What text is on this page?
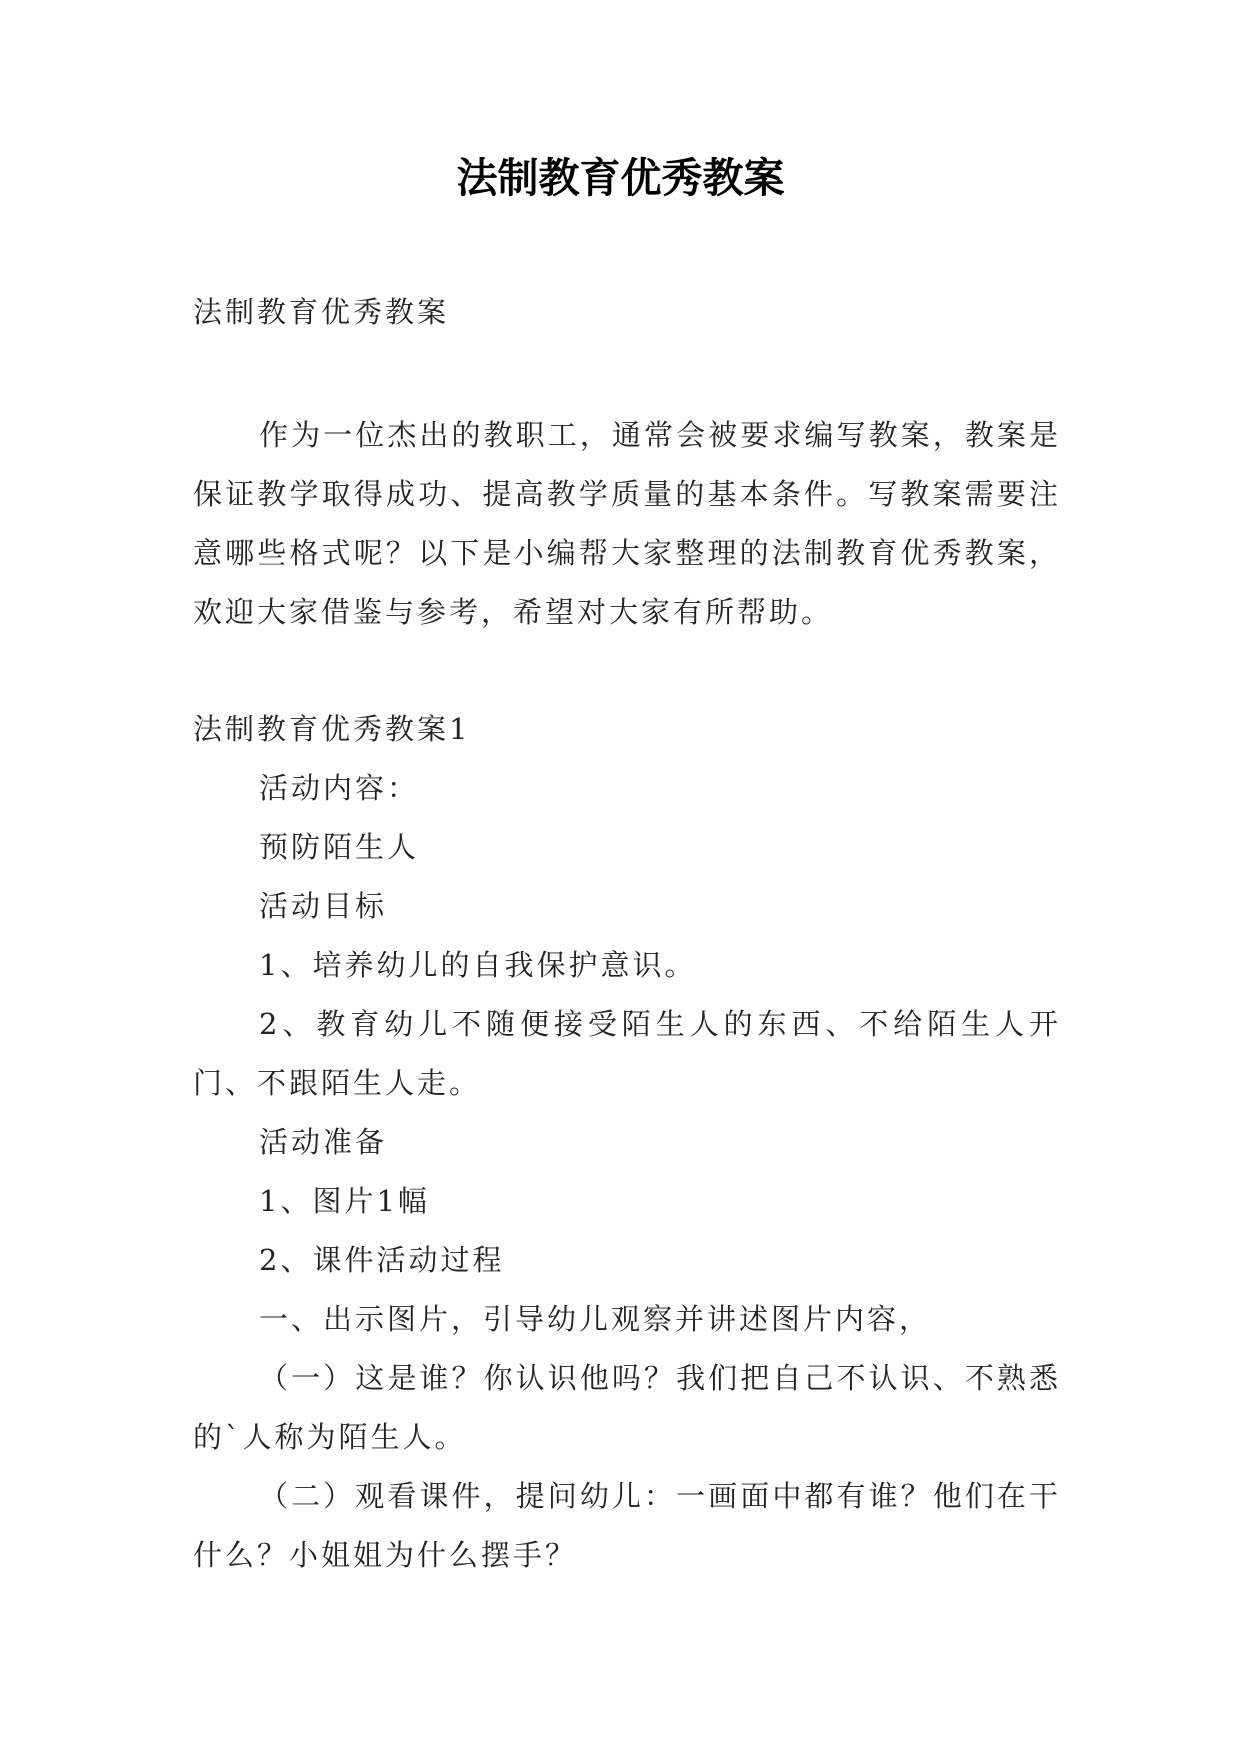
法制教育优秀教案
法制教育优秀教案
作为一位杰出的教职工，通常会被要求编写教案，教案是保证教学取得成功、提高教学质量的基本条件。写教案需要注意哪些格式呢？以下是小编帮大家整理的法制教育优秀教案，欢迎大家借鉴与参考，希望对大家有所帮助。

法制教育优秀教案1

活动内容：

预防陌生人

活动目标

1、培养幼儿的自我保护意识。

2、教育幼儿不随便接受陌生人的东西、不给陌生人开门、不跟陌生人走。

活动准备

1、图片1幅

2、课件活动过程

一、出示图片，引导幼儿观察并讲述图片内容，

（一）这是谁？你认识他吗？我们把自己不认识、不熟悉的`人称为陌生人。

（二）观看课件，提问幼儿：一画面中都有谁？他们在干什么？小姐姐为什么摆手？
